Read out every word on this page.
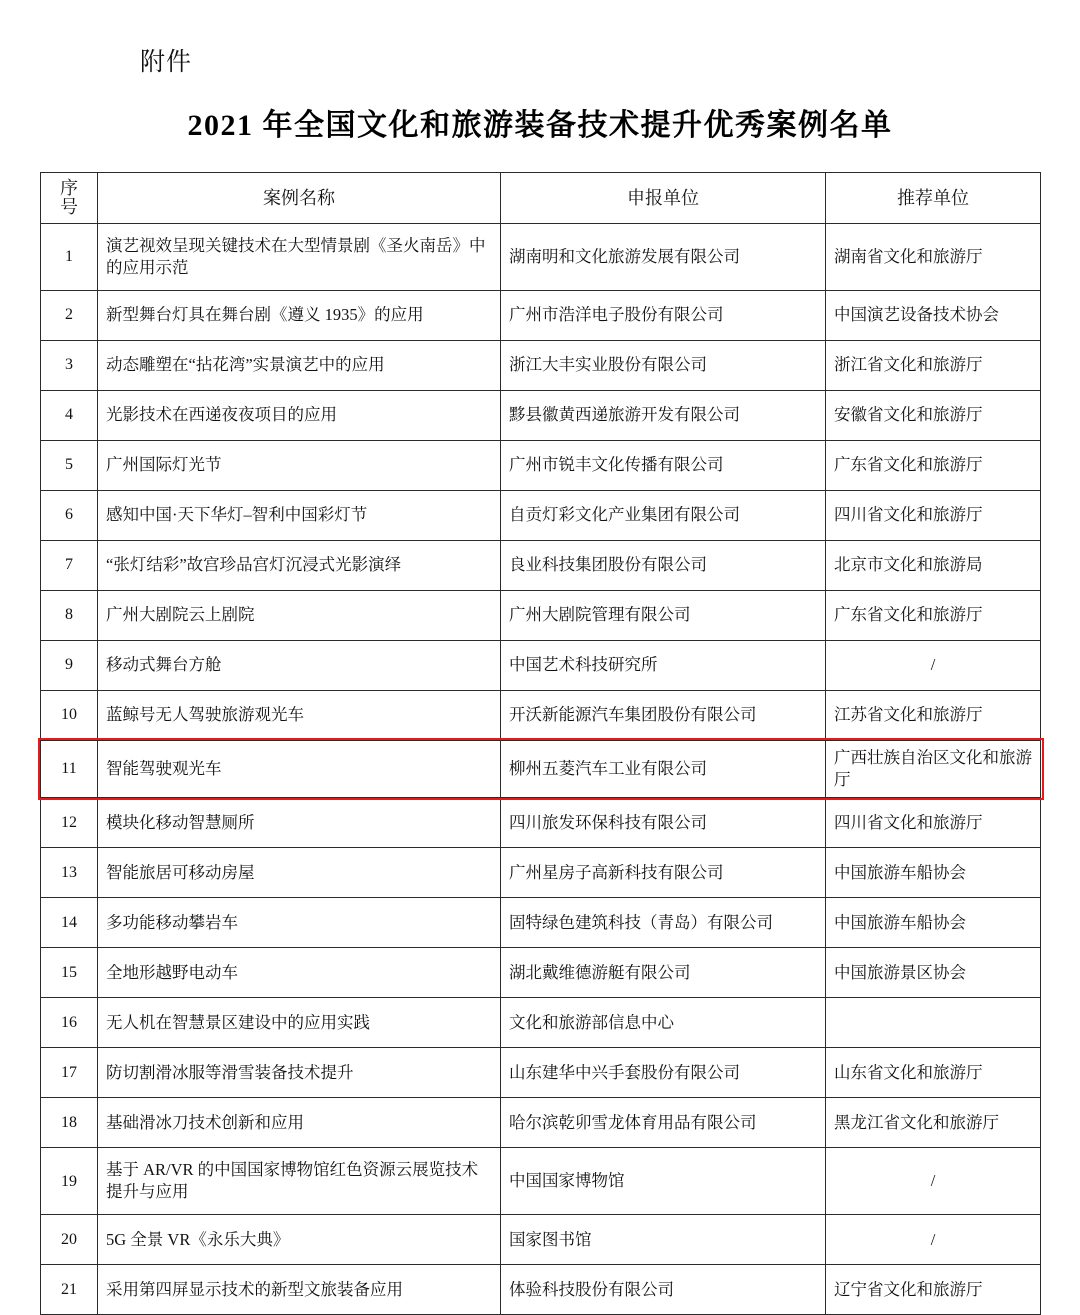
附件
2021 年全国文化和旅游装备技术提升优秀案例名单
序
号	案例名称	申报单位	推荐单位
1	演艺视效呈现关键技术在大型情景剧《圣火南岳》中的应用示范	湖南明和文化旅游发展有限公司	湖南省文化和旅游厅
2	新型舞台灯具在舞台剧《遵义 1935》的应用	广州市浩洋电子股份有限公司	中国演艺设备技术协会
3	动态雕塑在“拈花湾”实景演艺中的应用	浙江大丰实业股份有限公司	浙江省文化和旅游厅
4	光影技术在西递夜夜项目的应用	黟县徽黄西递旅游开发有限公司	安徽省文化和旅游厅
5	广州国际灯光节	广州市锐丰文化传播有限公司	广东省文化和旅游厅
6	感知中国·天下华灯–智利中国彩灯节	自贡灯彩文化产业集团有限公司	四川省文化和旅游厅
7	“张灯结彩”故宫珍品宫灯沉浸式光影演绎	良业科技集团股份有限公司	北京市文化和旅游局
8	广州大剧院云上剧院	广州大剧院管理有限公司	广东省文化和旅游厅
9	移动式舞台方舱	中国艺术科技研究所	/
10	蓝鲸号无人驾驶旅游观光车	开沃新能源汽车集团股份有限公司	江苏省文化和旅游厅
11	智能驾驶观光车	柳州五菱汽车工业有限公司	广西壮族自治区文化和旅游厅
12	模块化移动智慧厕所	四川旅发环保科技有限公司	四川省文化和旅游厅
13	智能旅居可移动房屋	广州星房子高新科技有限公司	中国旅游车船协会
14	多功能移动攀岩车	固特绿色建筑科技（青岛）有限公司	中国旅游车船协会
15	全地形越野电动车	湖北戴维德游艇有限公司	中国旅游景区协会
16	无人机在智慧景区建设中的应用实践	文化和旅游部信息中心	
17	防切割滑冰服等滑雪装备技术提升	山东建华中兴手套股份有限公司	山东省文化和旅游厅
18	基础滑冰刀技术创新和应用	哈尔滨乾卯雪龙体育用品有限公司	黑龙江省文化和旅游厅
19	基于 AR/VR 的中国国家博物馆红色资源云展览技术提升与应用	中国国家博物馆	/
20	5G 全景 VR《永乐大典》	国家图书馆	/
21	采用第四屏显示技术的新型文旅装备应用	体验科技股份有限公司	辽宁省文化和旅游厅
